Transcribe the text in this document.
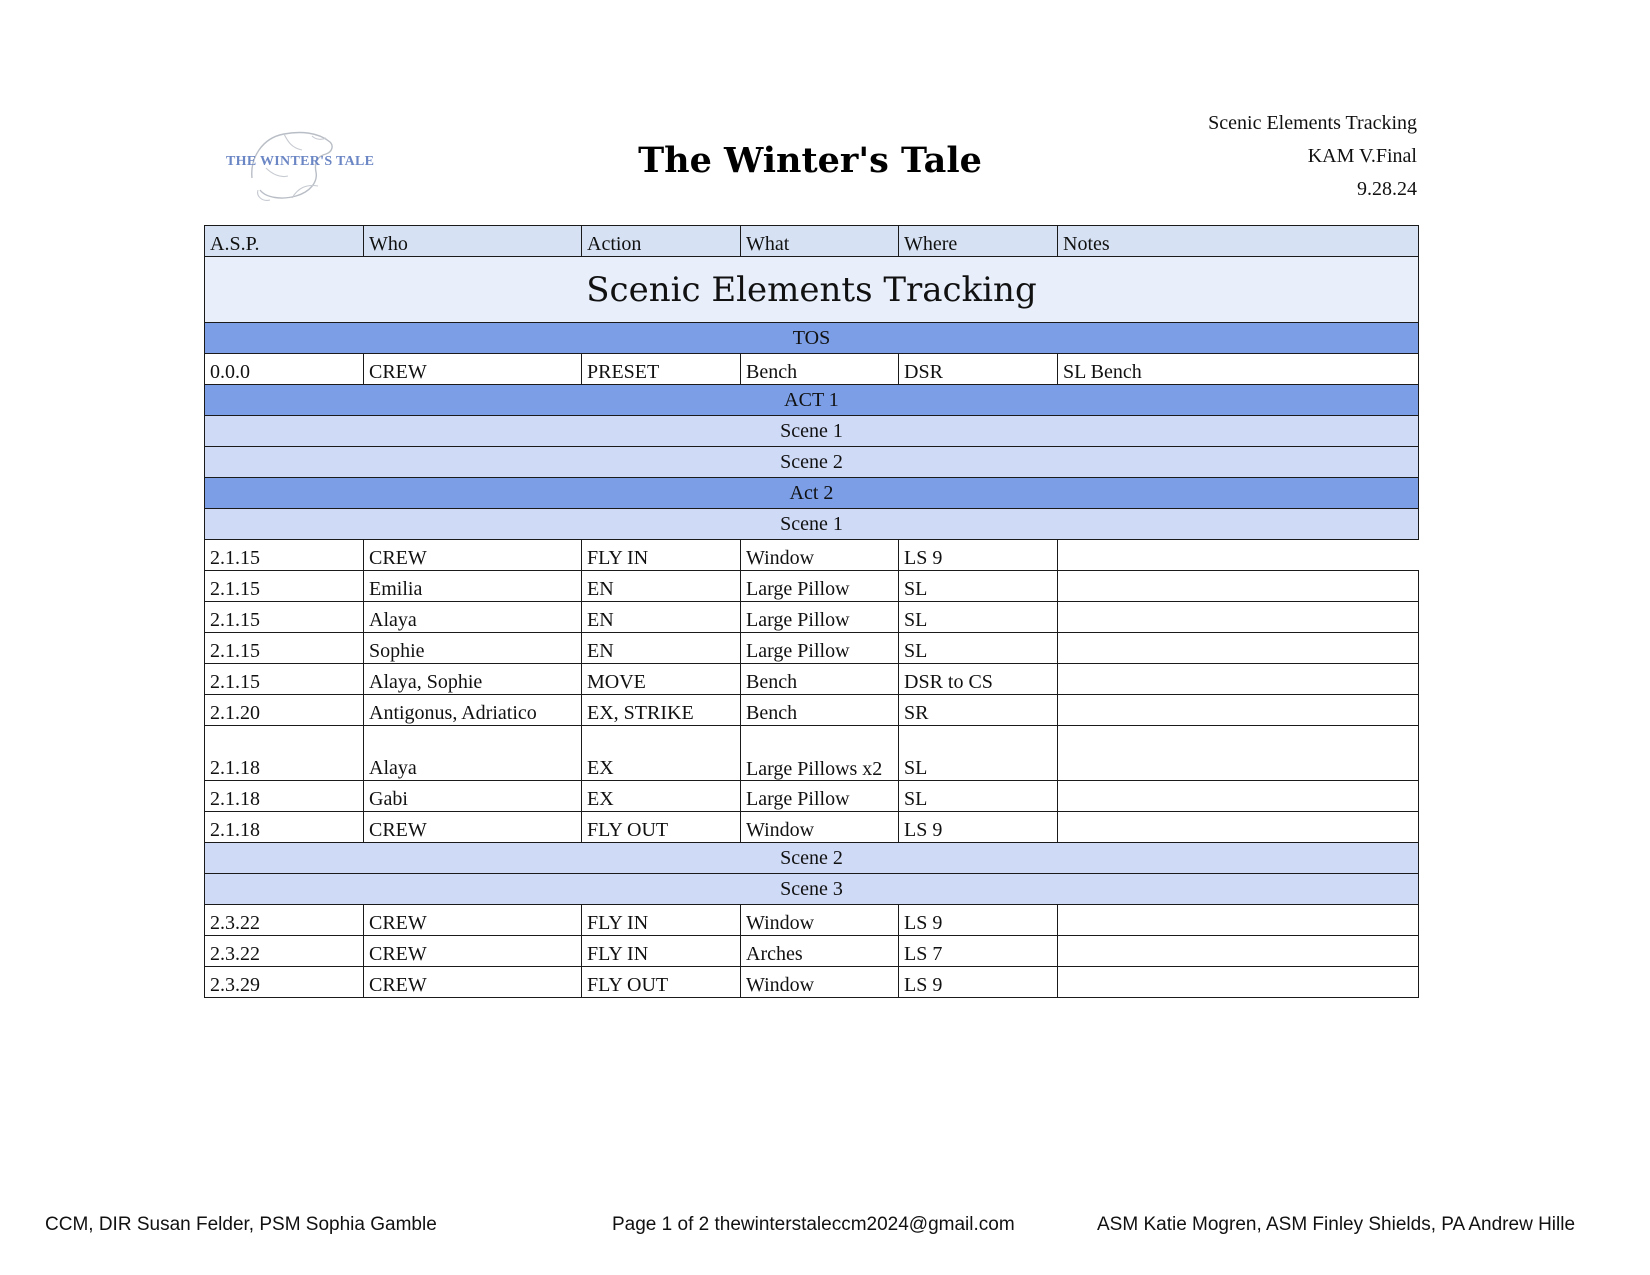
THE WINTER'S TALE	The Winter's Tale
Scenic Elements Tracking
KAM V.Final
9.28.24
A.S.P.	Who	Action	What	Where	Notes
Scenic Elements Tracking					
TOS					
0.0.0	CREW	PRESET	Bench	DSR	SL Bench
ACT 1					
Scene 1					
Scene 2					
Act 2					
Scene 1					
2.1.15	CREW	FLY IN	Window	LS 9	
2.1.15	Emilia	EN	Large Pillow	SL	
2.1.15	Alaya	EN	Large Pillow	SL	
2.1.15	Sophie	EN	Large Pillow	SL	
2.1.15	Alaya, Sophie	MOVE	Bench	DSR to CS	
2.1.20	Antigonus, Adriatico	EX, STRIKE	Bench	SR	
2.1.18	Alaya	EX	Large Pillows x2	SL	
2.1.18	Gabi	EX	Large Pillow	SL	
2.1.18	CREW	FLY OUT	Window	LS 9	
Scene 2					
Scene 3					
2.3.22	CREW	FLY IN	Window	LS 9	
2.3.22	CREW	FLY IN	Arches	LS 7	
2.3.29	CREW	FLY OUT	Window	LS 9	
CCM, DIR Susan Felder, PSM Sophia Gamble	Page 1 of 2 thewinterstaleccm2024@gmail.com	ASM Katie Mogren, ASM Finley Shields, PA Andrew Hille
